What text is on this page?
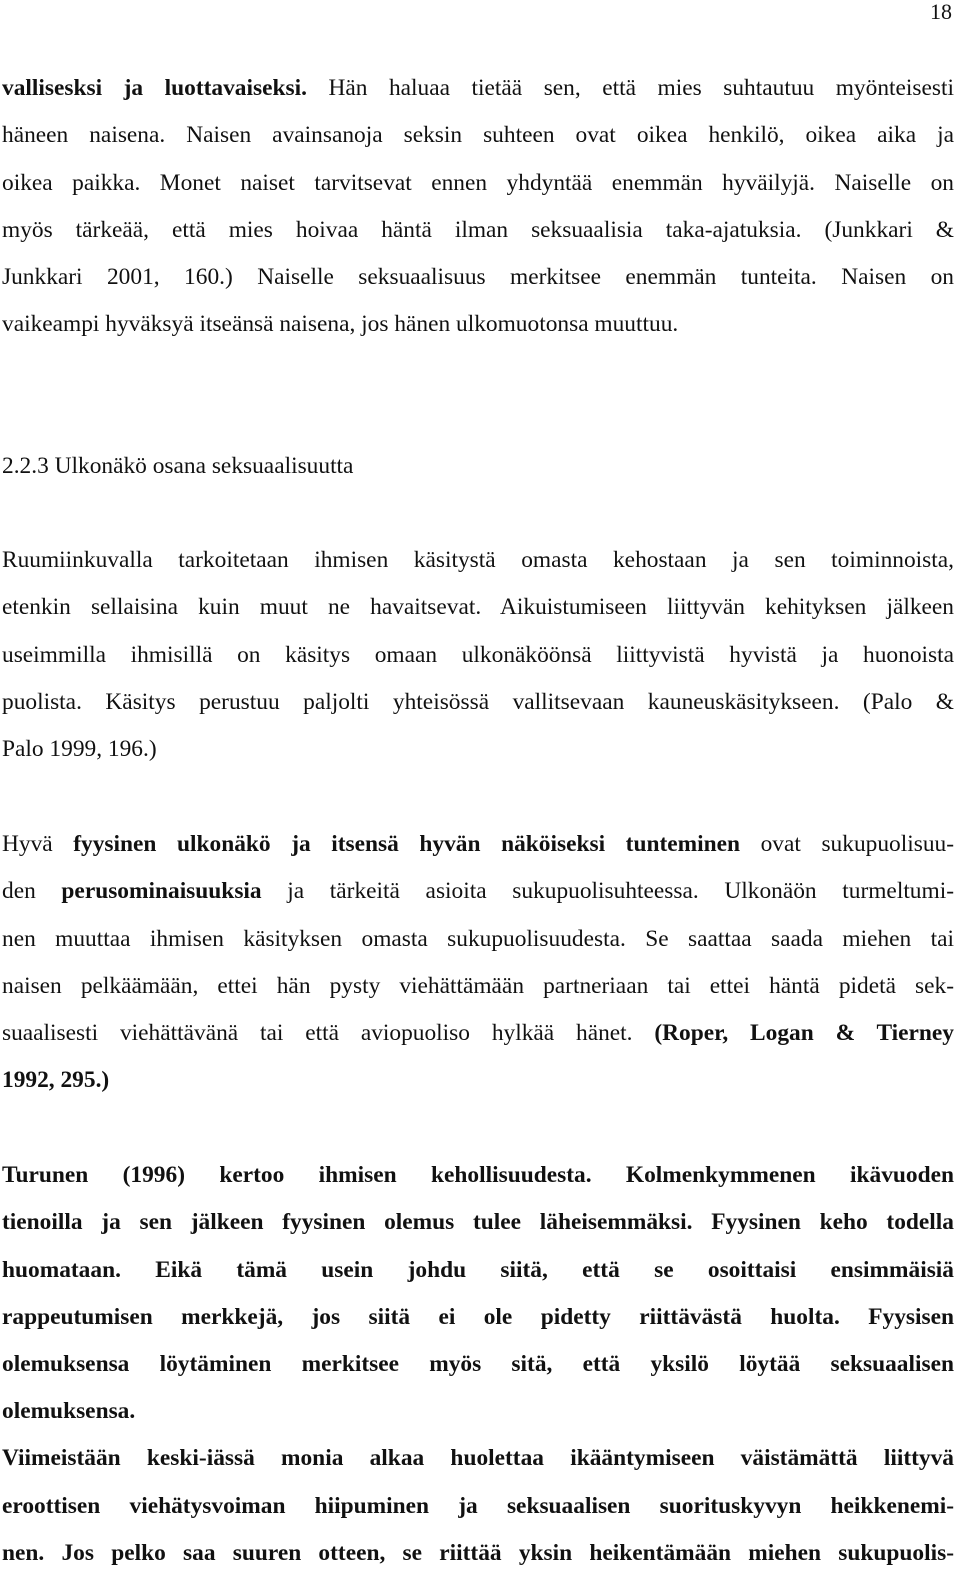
18
vallisesksi ja luottavaiseksi. Hän haluaa tietää sen, että mies suhtautuu myönteisesti
häneen naisena. Naisen avainsanoja seksin suhteen ovat oikea henkilö, oikea aika ja
oikea paikka. Monet naiset tarvitsevat ennen yhdyntää enemmän hyväilyjä. Naiselle on
myös tärkeää, että mies hoivaa häntä ilman seksuaalisia taka-ajatuksia. (Junkkari &
Junkkari 2001, 160.) Naiselle seksuaalisuus merkitsee enemmän tunteita. Naisen on
vaikeampi hyväksyä itseänsä naisena, jos hänen ulkomuotonsa muuttuu.
2.2.3 Ulkonäkö osana seksuaalisuutta
Ruumiinkuvalla tarkoitetaan ihmisen käsitystä omasta kehostaan ja sen toiminnoista,
etenkin sellaisina kuin muut ne havaitsevat. Aikuistumiseen liittyvän kehityksen jälkeen
useimmilla ihmisillä on käsitys omaan ulkonäköönsä liittyvistä hyvistä ja huonoista
puolista. Käsitys perustuu paljolti yhteisössä vallitsevaan kauneuskäsitykseen. (Palo &
Palo 1999, 196.)
Hyvä fyysinen ulkonäkö ja itsensä hyvän näköiseksi tunteminen ovat sukupuolisuu-
den perusominaisuuksia ja tärkeitä asioita sukupuolisuhteessa. Ulkonäön turmeltumi-
nen muuttaa ihmisen käsityksen omasta sukupuolisuudesta. Se saattaa saada miehen tai
naisen pelkäämään, ettei hän pysty viehättämään partneriaan tai ettei häntä pidetä sek-
suaalisesti viehättävänä tai että aviopuoliso hylkää hänet. (Roper, Logan & Tierney
1992, 295.)
Turunen (1996) kertoo ihmisen kehollisuudesta. Kolmenkymmenen ikävuoden
tienoilla ja sen jälkeen fyysinen olemus tulee läheisemmäksi. Fyysinen keho todella
huomataan. Eikä tämä usein johdu siitä, että se osoittaisi ensimmäisiä
rappeutumisen merkkejä, jos siitä ei ole pidetty riittävästä huolta. Fyysisen
olemuksensa löytäminen merkitsee myös sitä, että yksilö löytää seksuaalisen
olemuksensa.
Viimeistään keski-iässä monia alkaa huolettaa ikääntymiseen väistämättä liittyvä
eroottisen viehätysvoiman hiipuminen ja seksuaalisen suorituskyvyn heikkenemi-
nen. Jos pelko saa suuren otteen, se riittää yksin heikentämään miehen sukupuolis-
